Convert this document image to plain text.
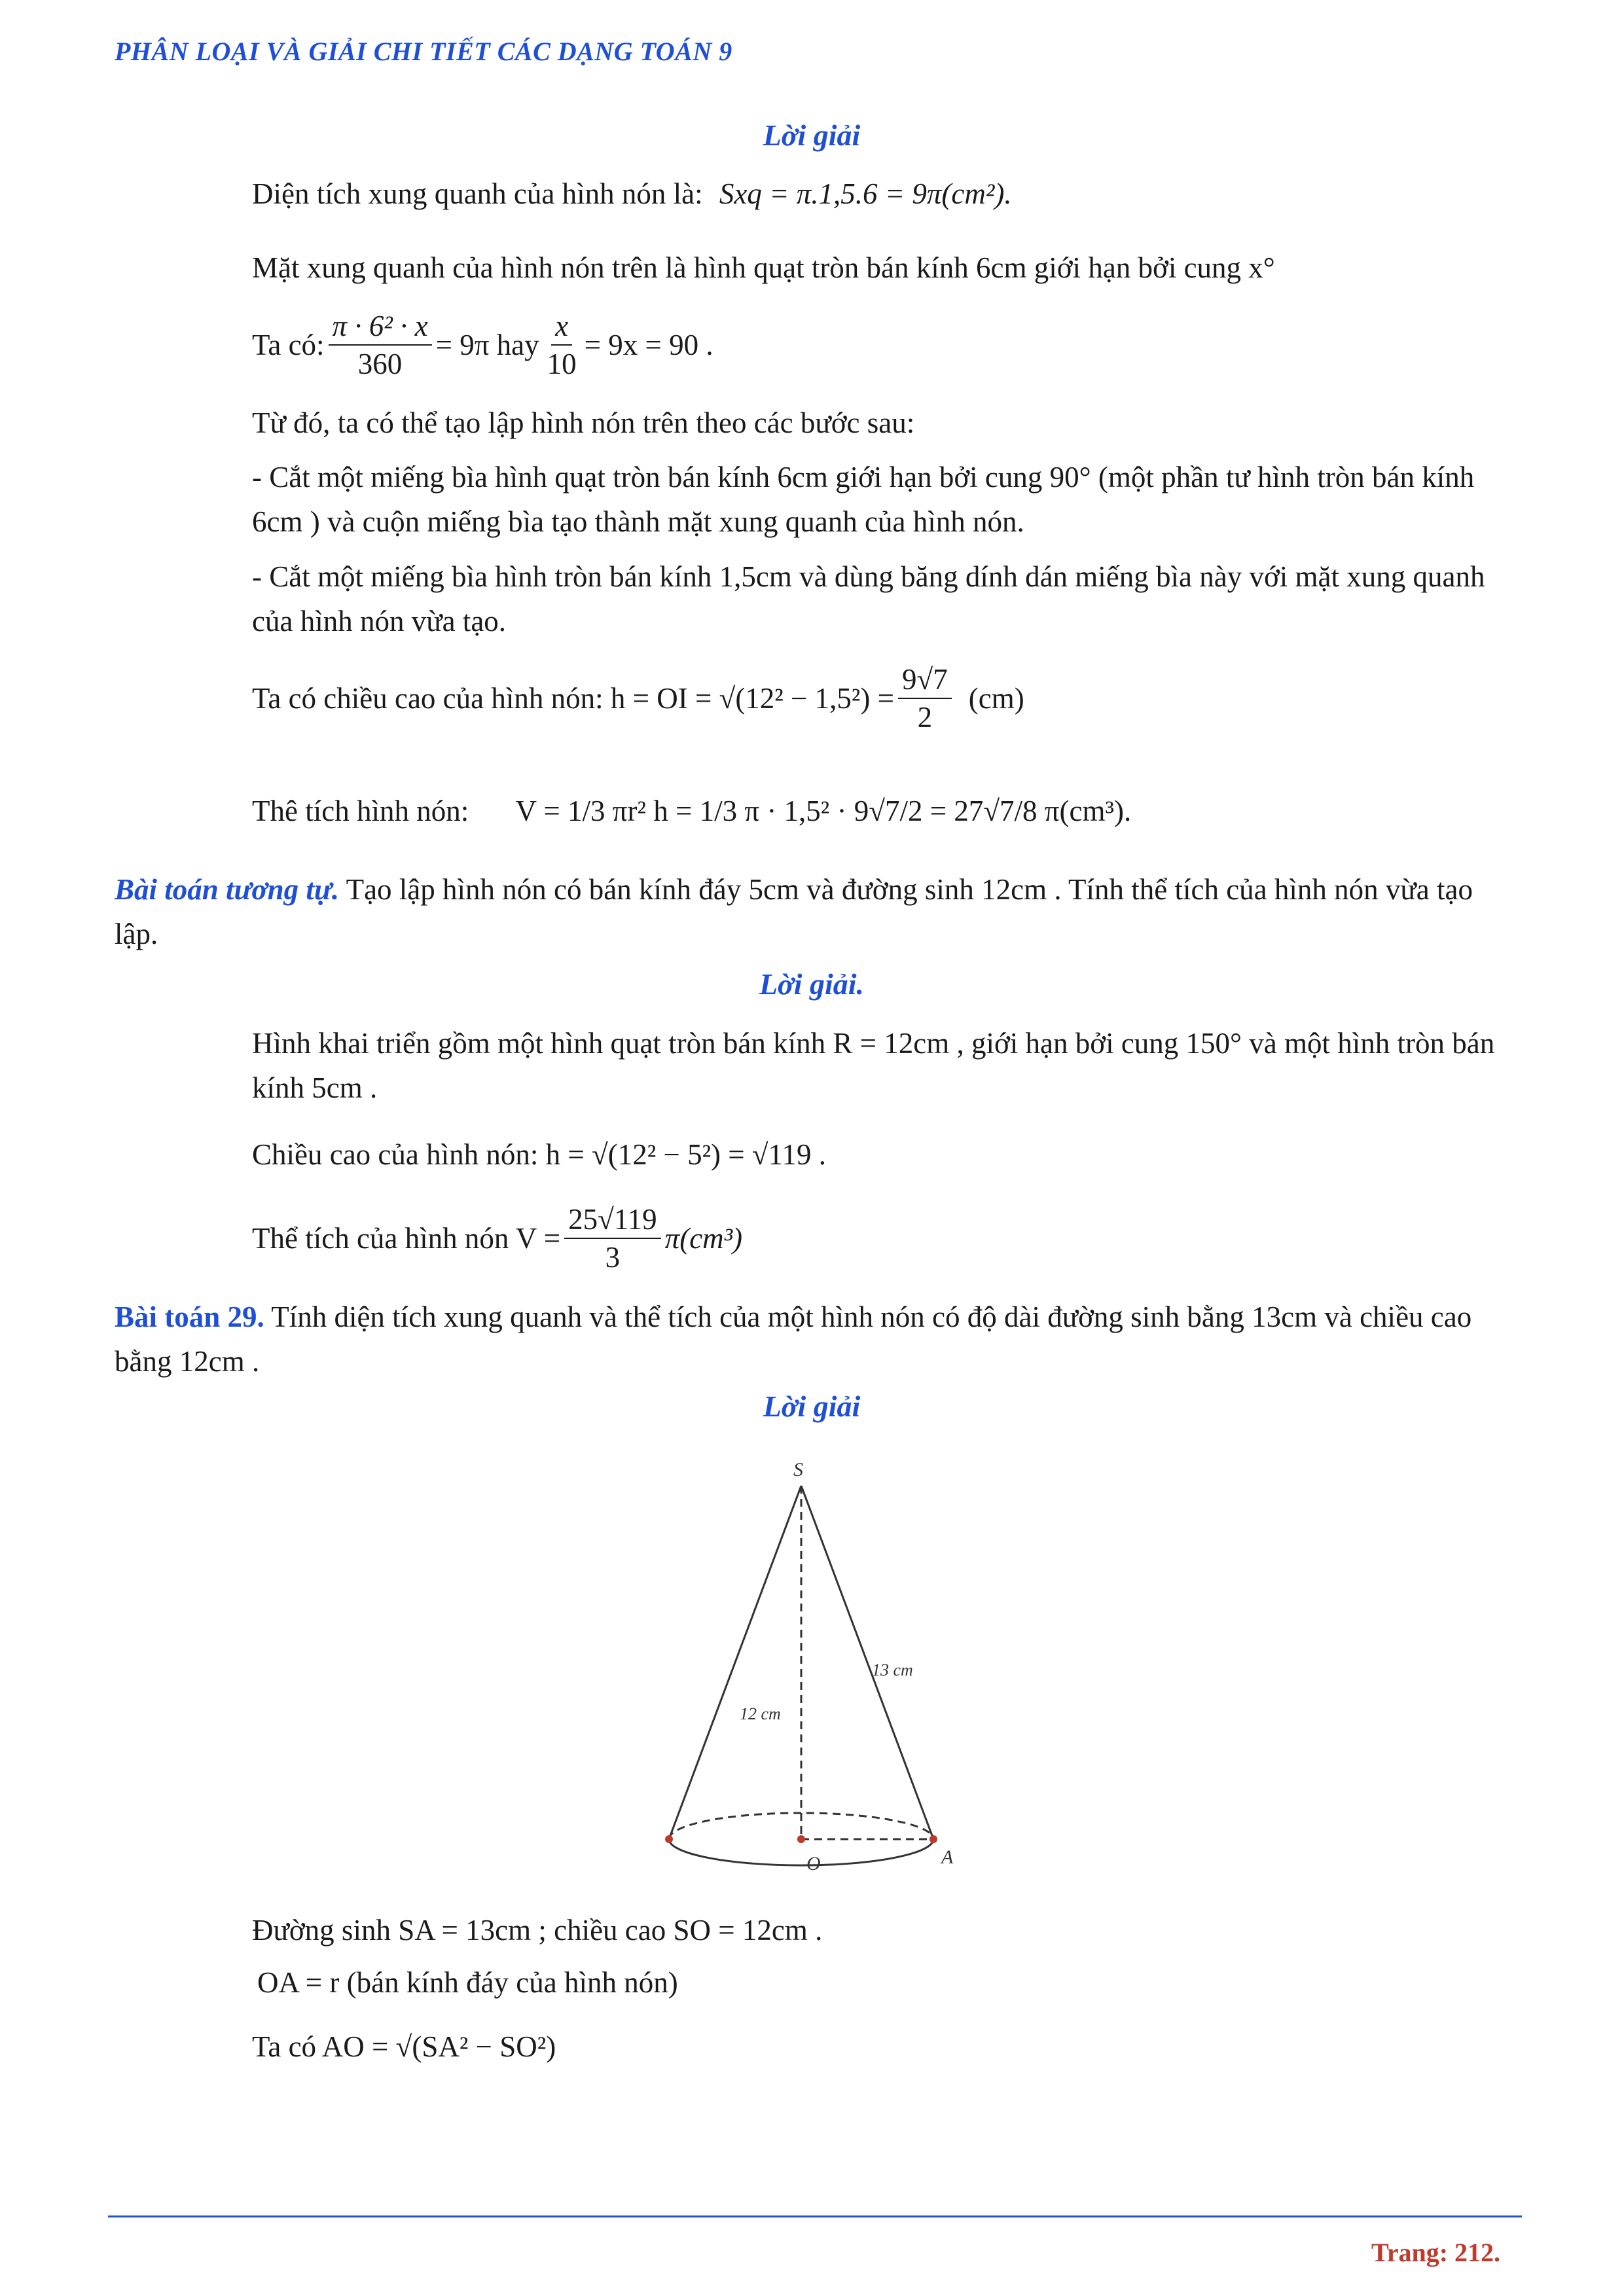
PHÂN LOẠI VÀ GIẢI CHI TIẾT CÁC DẠNG TOÁN 9
Lời giải
Diện tích xung quanh của hình nón là: Sxq = π.1,5.6 = 9π(cm²).
Mặt xung quanh của hình nón trên là hình quạt tròn bán kính 6cm giới hạn bởi cung x°
Ta có: $\frac{\text{π · 6² · x}}{360} = 9\pi$ hay $\frac{x}{10} = 9x = 90$ .
Từ đó, ta có thể tạo lập hình nón trên theo các bước sau:
- Cắt một miếng bìa hình quạt tròn bán kính 6cm giới hạn bởi cung 90° (một phần tư hình tròn bán kính 6cm ) và cuộn miếng bìa tạo thành mặt xung quanh của hình nón.
- Cắt một miếng bìa hình tròn bán kính 1,5cm và dùng băng dính dán miếng bìa này với mặt xung quanh của hình nón vừa tạo.
Ta có chiều cao của hình nón: h = OI = $√(12^2 - 1,5^2) = \frac{9√7}{2} (cm)$
Thê tích hình nón: V = 1/3 πr² h = 1/3 π · 1,5² · 9√7/2 = 27√7/8 π(cm³).
Bài toán tương tự. Tạo lập hình nón có bán kính đáy 5cm và đường sinh 12cm . Tính thể tích của hình nón vừa tạo lập.
Lời giải.
Hình khai triển gồm một hình quạt tròn bán kính R = 12cm , giới hạn bởi cung 150° và một hình tròn bán kính 5cm .
Chiều cao của hình nón: h = √(12² − 5²) = √119 .
Thể tích của hình nón $V = \frac{25√119}{3} \pi(cm^3)$
Bài toán 29. Tính diện tích xung quanh và thể tích của một hình nón có độ dài đường sinh bằng 13cm và chiều cao bằng 12cm .
Lời giải
S
O	A
12 cm
13 cm
Đường sinh SA = 13cm ; chiều cao SO = 12cm .
OA = r (bán kính đáy của hình nón)
Ta có AO = √(SA² − SO²)
Trang: 212.
